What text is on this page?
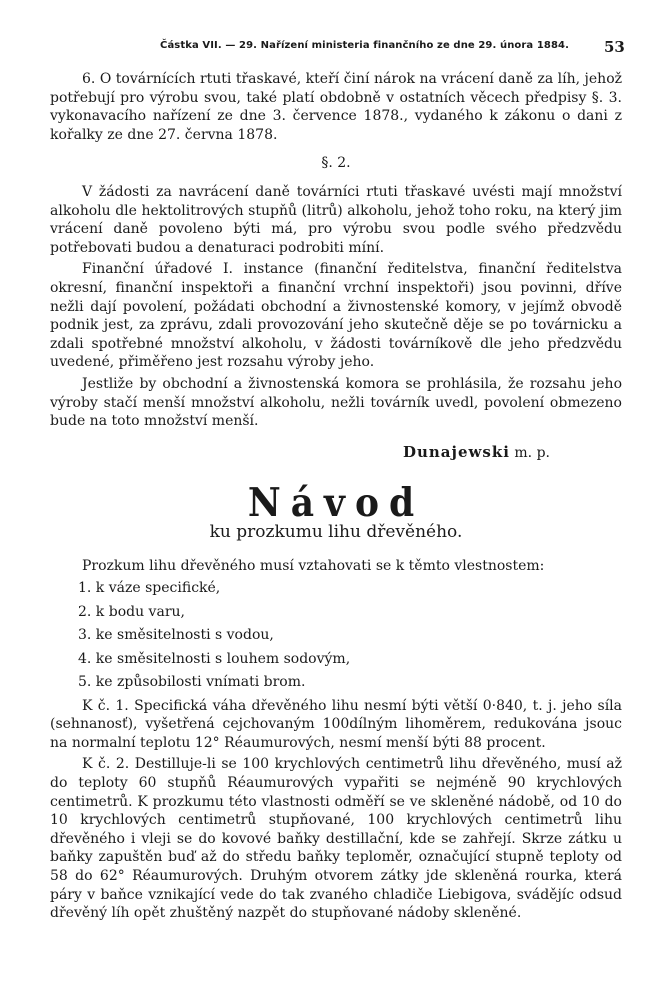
Částka VII. — 29. Nařízení ministeria finančního ze dne 29. února 1884. 53

6. O továrnících rtuti třaskavé, kteří činí nárok na vrácení daně za líh, jehož potřebují pro výrobu svou, také platí obdobně v ostatních věcech předpisy §. 3. vykonavacího nařízení ze dne 3. července 1878., vydaného k zákonu o dani z kořalky ze dne 27. června 1878.

§. 2.

V žádosti za navrácení daně továrníci rtuti třaskavé uvésti mají množství alkoholu dle hektolitrových stupňů (litrů) alkoholu, jehož toho roku, na který jim vrácení daně povoleno býti má, pro výrobu svou podle svého předzvědu potřebovati budou a denaturaci podrobiti míní.

Finanční úřadové I. instance (finanční ředitelstva, finanční ředitelstva okresní, finanční inspektoři a finanční vrchní inspektoři) jsou povinni, dříve nežli dají povolení, požádati obchodní a živnostenské komory, v jejímž obvodě podnik jest, za zprávu, zdali provozování jeho skutečně děje se po továrnicku a zdali spotřebné množství alkoholu, v žádosti továrníkově dle jeho předzvědu uvedené, přiměřeno jest rozsahu výroby jeho.

Jestliže by obchodní a živnostenská komora se prohlásila, že rozsahu jeho výroby stačí menší množství alkoholu, nežli továrník uvedl, povolení obmezeno bude na toto množství menší.

Dunajewski m. p.
Návod
ku prozkumu lihu dřevěného.

Prozkum lihu dřevěného musí vztahovati se k těmto vlestnostem:

1. k váze specifické,
2. k bodu varu,
3. ke směsitelnosti s vodou,
4. ke směsitelnosti s louhem sodovým,
5. ke způsobilosti vnímati brom.

K č. 1. Specifická váha dřevěného lihu nesmí býti větší 0·840, t. j. jeho síla (sehnanosť), vyšetřená cejchovaným 100dílným lihoměrem, redukována jsouc na normalní teplotu 12° Réaumurových, nesmí menší býti 88 procent.

K č. 2. Destilluje-li se 100 krychlových centimetrů lihu dřevěného, musí až do teploty 60 stupňů Réaumurových vypařiti se nejméně 90 krychlových centimetrů. K prozkumu této vlastnosti odměří se ve skleněné nádobě, od 10 do 10 krychlových centimetrů stupňované, 100 krychlových centimetrů lihu dřevěného i vleji se do kovové baňky destillační, kde se zahřejí. Skrze zátku u baňky zapuštěn buď až do středu baňky teploměr, označující stupně teploty od 58 do 62° Réaumurových. Druhým otvorem zátky jde skleněná rourka, která páry v baňce vznikající vede do tak zvaného chladiče Liebigova, svádějíc odsud dřevěný líh opět zhuštěný nazpět do stupňované nádoby skleněné.
